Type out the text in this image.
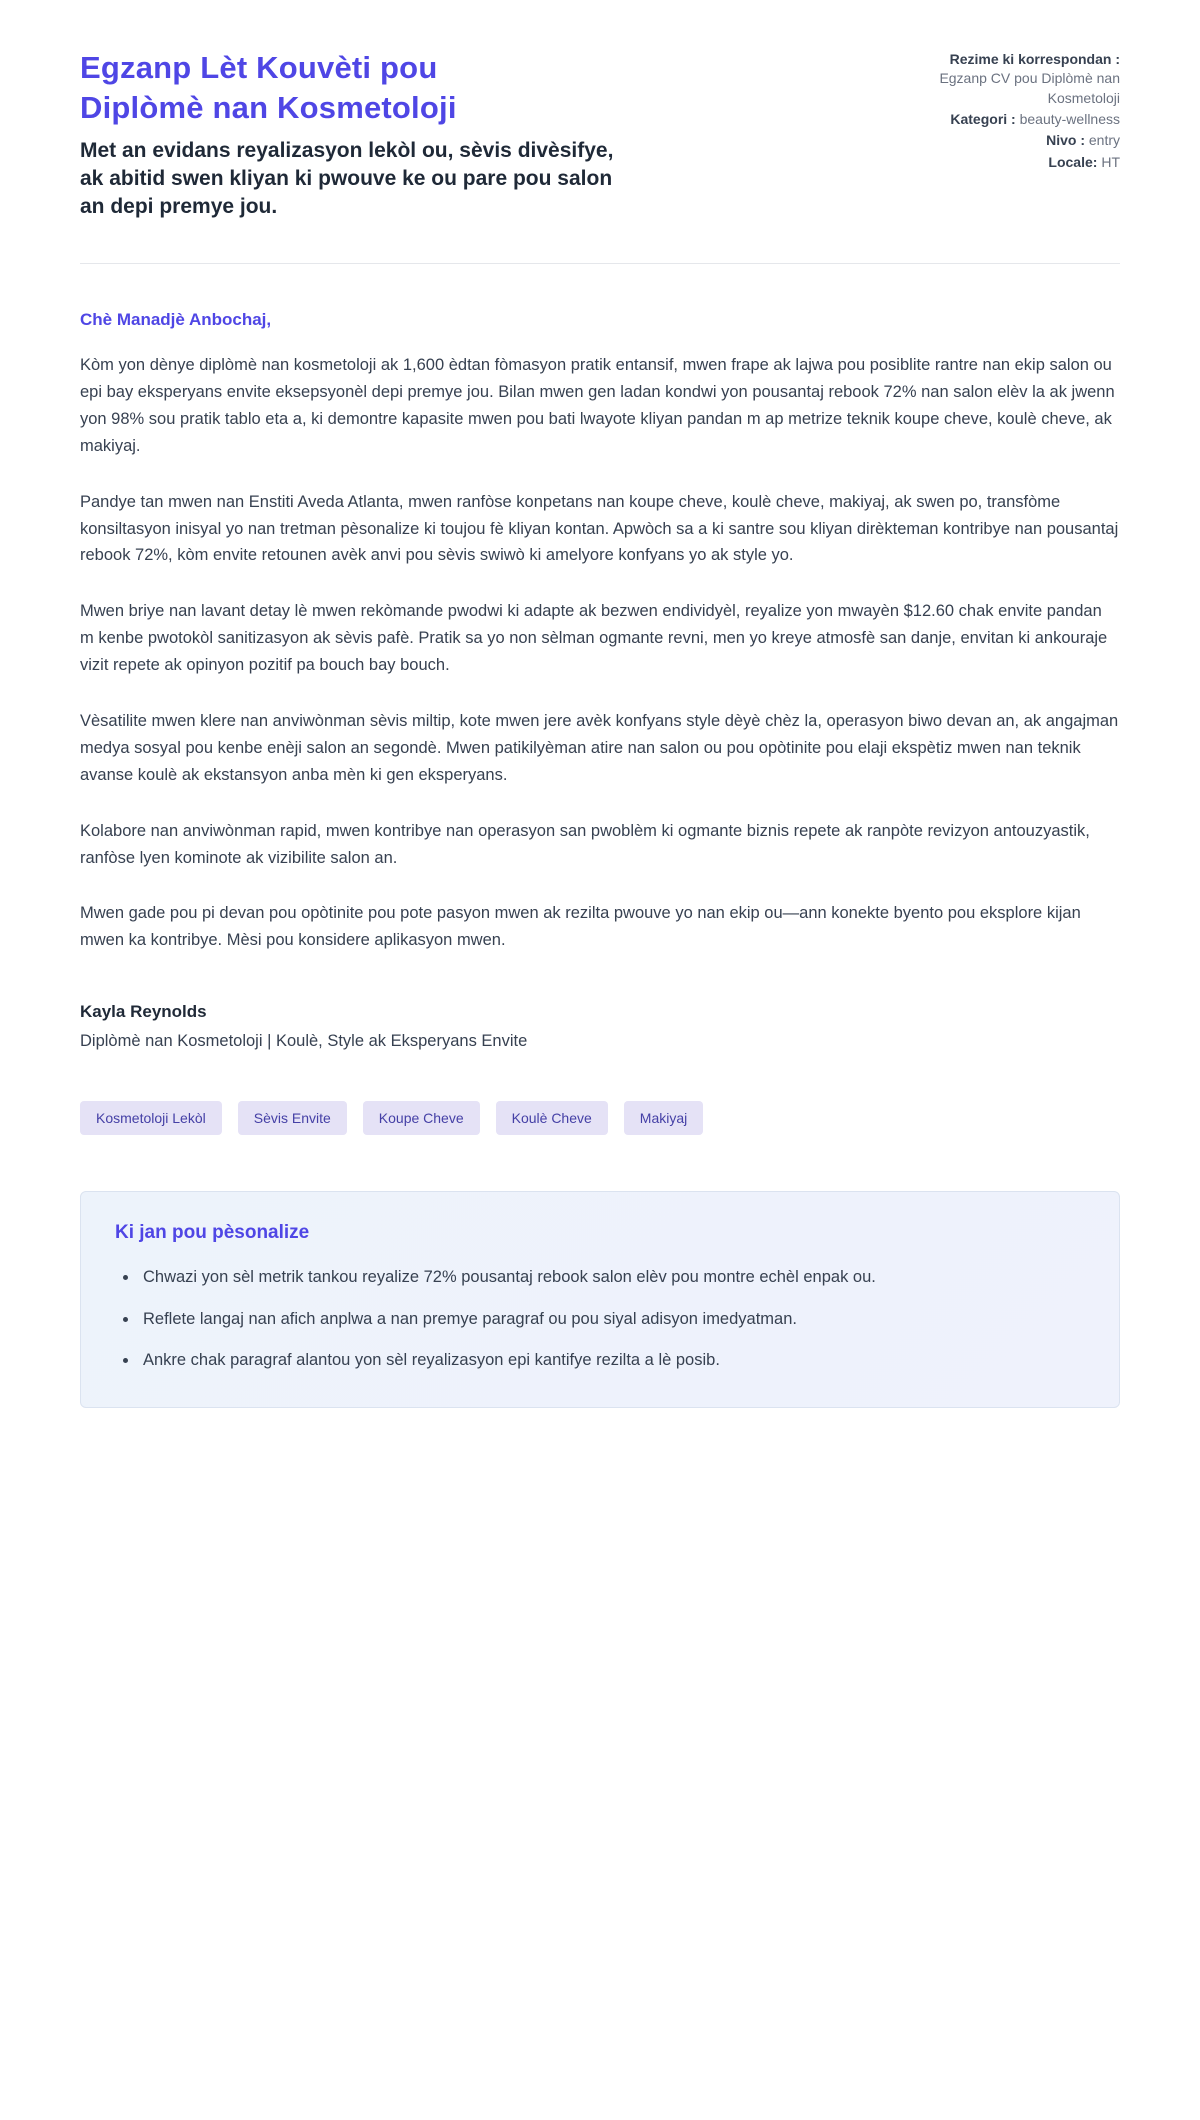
Egzanp Lèt Kouvèti pou Diplòmè nan Kosmetoloji

Met an evidans reyalizasyon lekòl ou, sèvis divèsifye, ak abitid swen kliyan ki pwouve ke ou pare pou salon an depi premye jou.

Rezime ki korrespondan : Egzanp CV pou Diplòmè nan Kosmetoloji
Kategori : beauty-wellness
Nivo : entry
Locale: HT

Chè Manadjè Anbochaj,

Kòm yon dènye diplòmè nan kosmetoloji ak 1,600 èdtan fòmasyon pratik entansif, mwen frape ak lajwa pou posiblite rantre nan ekip salon ou epi bay eksperyans envite eksepsyonèl depi premye jou. Bilan mwen gen ladan kondwi yon pousantaj rebook 72% nan salon elèv la ak jwenn yon 98% sou pratik tablo eta a, ki demontre kapasite mwen pou bati lwayote kliyan pandan m ap metrize teknik koupe cheve, koulè cheve, ak makiyaj.

Pandye tan mwen nan Enstiti Aveda Atlanta, mwen ranfòse konpetans nan koupe cheve, koulè cheve, makiyaj, ak swen po, transfòme konsiltasyon inisyal yo nan tretman pèsonalize ki toujou fè kliyan kontan. Apwòch sa a ki santre sou kliyan dirèkteman kontribye nan pousantaj rebook 72%, kòm envite retounen avèk anvi pou sèvis swiwò ki amelyore konfyans yo ak style yo.

Mwen briye nan lavant detay lè mwen rekòmande pwodwi ki adapte ak bezwen endividyèl, reyalize yon mwayèn $12.60 chak envite pandan m kenbe pwotokòl sanitizasyon ak sèvis pafè. Pratik sa yo non sèlman ogmante revni, men yo kreye atmosfè san danje, envitan ki ankouraje vizit repete ak opinyon pozitif pa bouch bay bouch.

Vèsatilite mwen klere nan anviwònman sèvis miltip, kote mwen jere avèk konfyans style dèyè chèz la, operasyon biwo devan an, ak angajman medya sosyal pou kenbe enèji salon an segondè. Mwen patikilyèman atire nan salon ou pou opòtinite pou elaji ekspètiz mwen nan teknik avanse koulè ak ekstansyon anba mèn ki gen eksperyans.

Kolabore nan anviwònman rapid, mwen kontribye nan operasyon san pwoblèm ki ogmante biznis repete ak ranpòte revizyon antouzyastik, ranfòse lyen kominote ak vizibilite salon an.

Mwen gade pou pi devan pou opòtinite pou pote pasyon mwen ak rezilta pwouve yo nan ekip ou—ann konekte byento pou eksplore kijan mwen ka kontribye. Mèsi pou konsidere aplikasyon mwen.

Kayla Reynolds

Diplòmè nan Kosmetoloji | Koulè, Style ak Eksperyans Envite

Kosmetoloji Lekòl	Sèvis Envite	Koupe Cheve	Koulè Cheve	Makiyaj
Ki jan pou pèsonalize
• Chwazi yon sèl metrik tankou reyalize 72% pousantaj rebook salon elèv pou montre echèl enpak ou.
• Reflete langaj nan afich anplwa a nan premye paragraf ou pou siyal adisyon imedyatman.
• Ankre chak paragraf alantou yon sèl reyalizasyon epi kantifye rezilta a lè posib.
